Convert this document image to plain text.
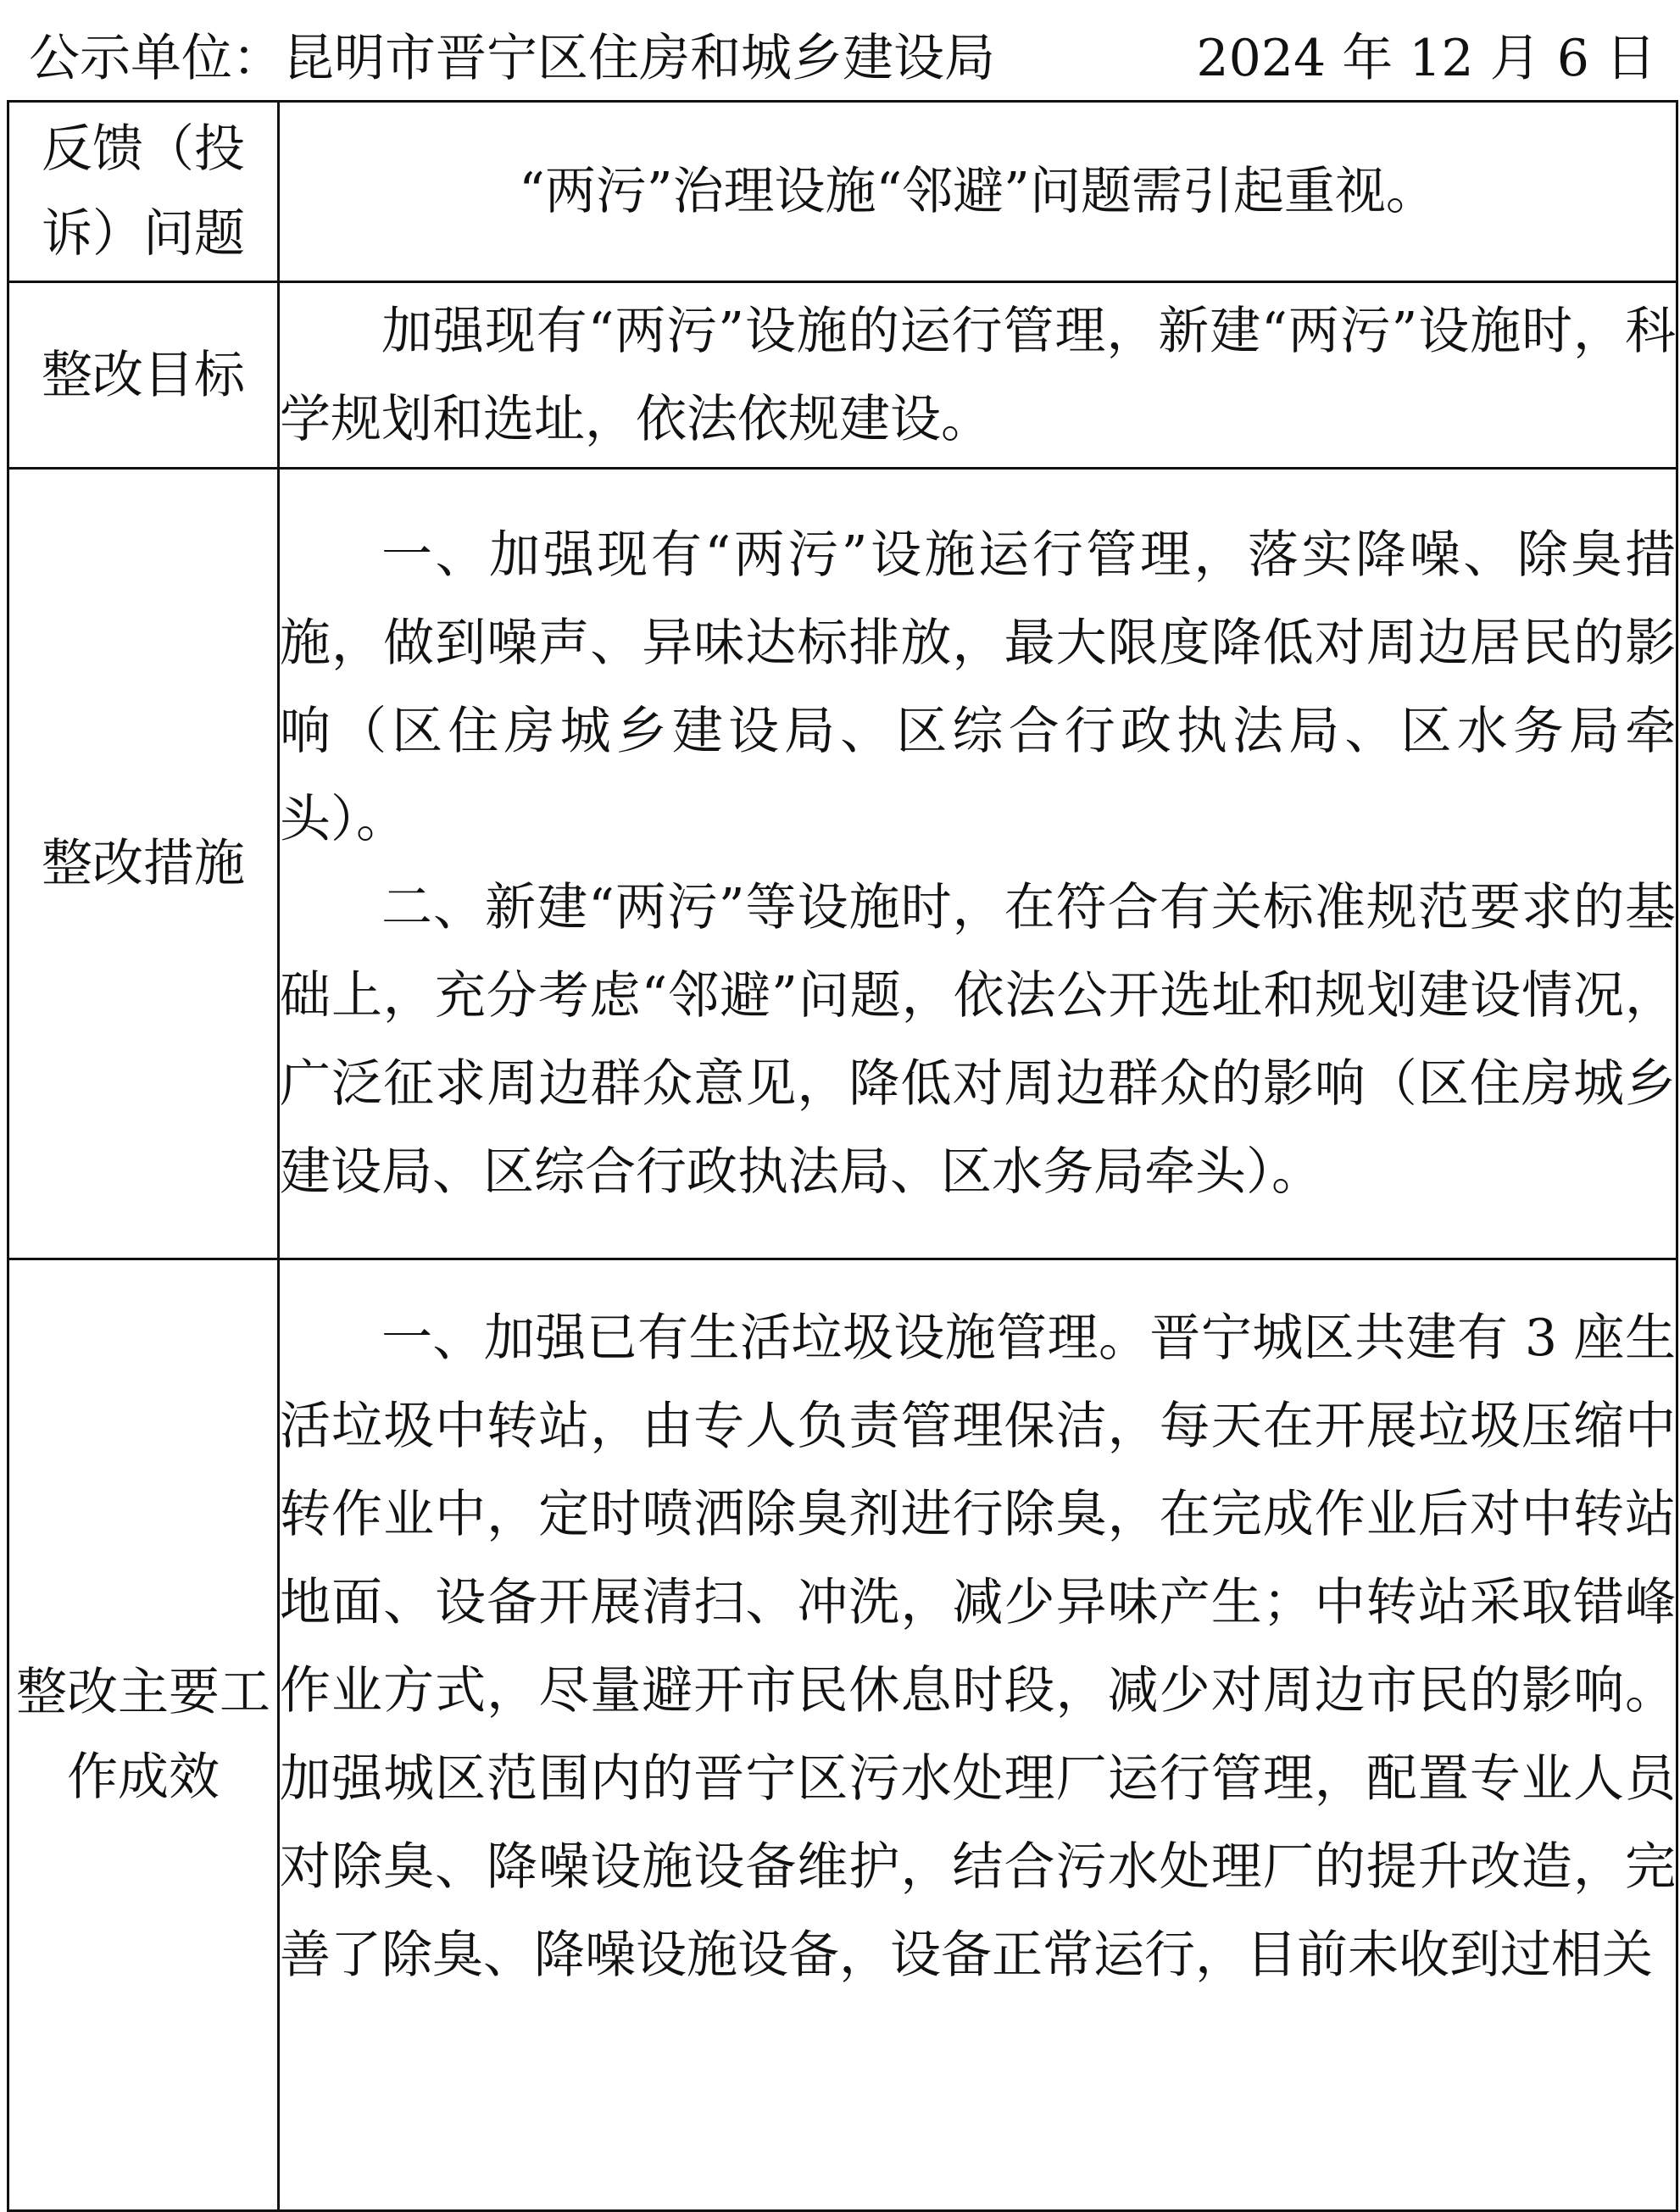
公示单位：昆明市晋宁区住房和城乡建设局	2024 年 12 月 6 日
反馈（投诉）问题	“两污”治理设施“邻避”问题需引起重视。

整改目标	加强现有“两污”设施的运行管理，新建“两污”设施时，科学规划和选址，依法依规建设。

整改措施	一、加强现有“两污”设施运行管理，落实降噪、除臭措施，做到噪声、异味达标排放，最大限度降低对周边居民的影响（区住房城乡建设局、区综合行政执法局、区水务局牵头）。

二、新建“两污”等设施时，在符合有关标准规范要求的基础上，充分考虑“邻避”问题，依法公开选址和规划建设情况，广泛征求周边群众意见，降低对周边群众的影响（区住房城乡建设局、区综合行政执法局、区水务局牵头）。

整改主要工作成效	一、加强已有生活垃圾设施管理。晋宁城区共建有 3 座生活垃圾中转站，由专人负责管理保洁，每天在开展垃圾压缩中转作业中，定时喷洒除臭剂进行除臭，在完成作业后对中转站地面、设备开展清扫、冲洗，减少异味产生；中转站采取错峰作业方式，尽量避开市民休息时段，减少对周边市民的影响。加强城区范围内的晋宁区污水处理厂运行管理，配置专业人员对除臭、降噪设施设备维护，结合污水处理厂的提升改造，完善了除臭、降噪设施设备，设备正常运行，目前未收到过相关
